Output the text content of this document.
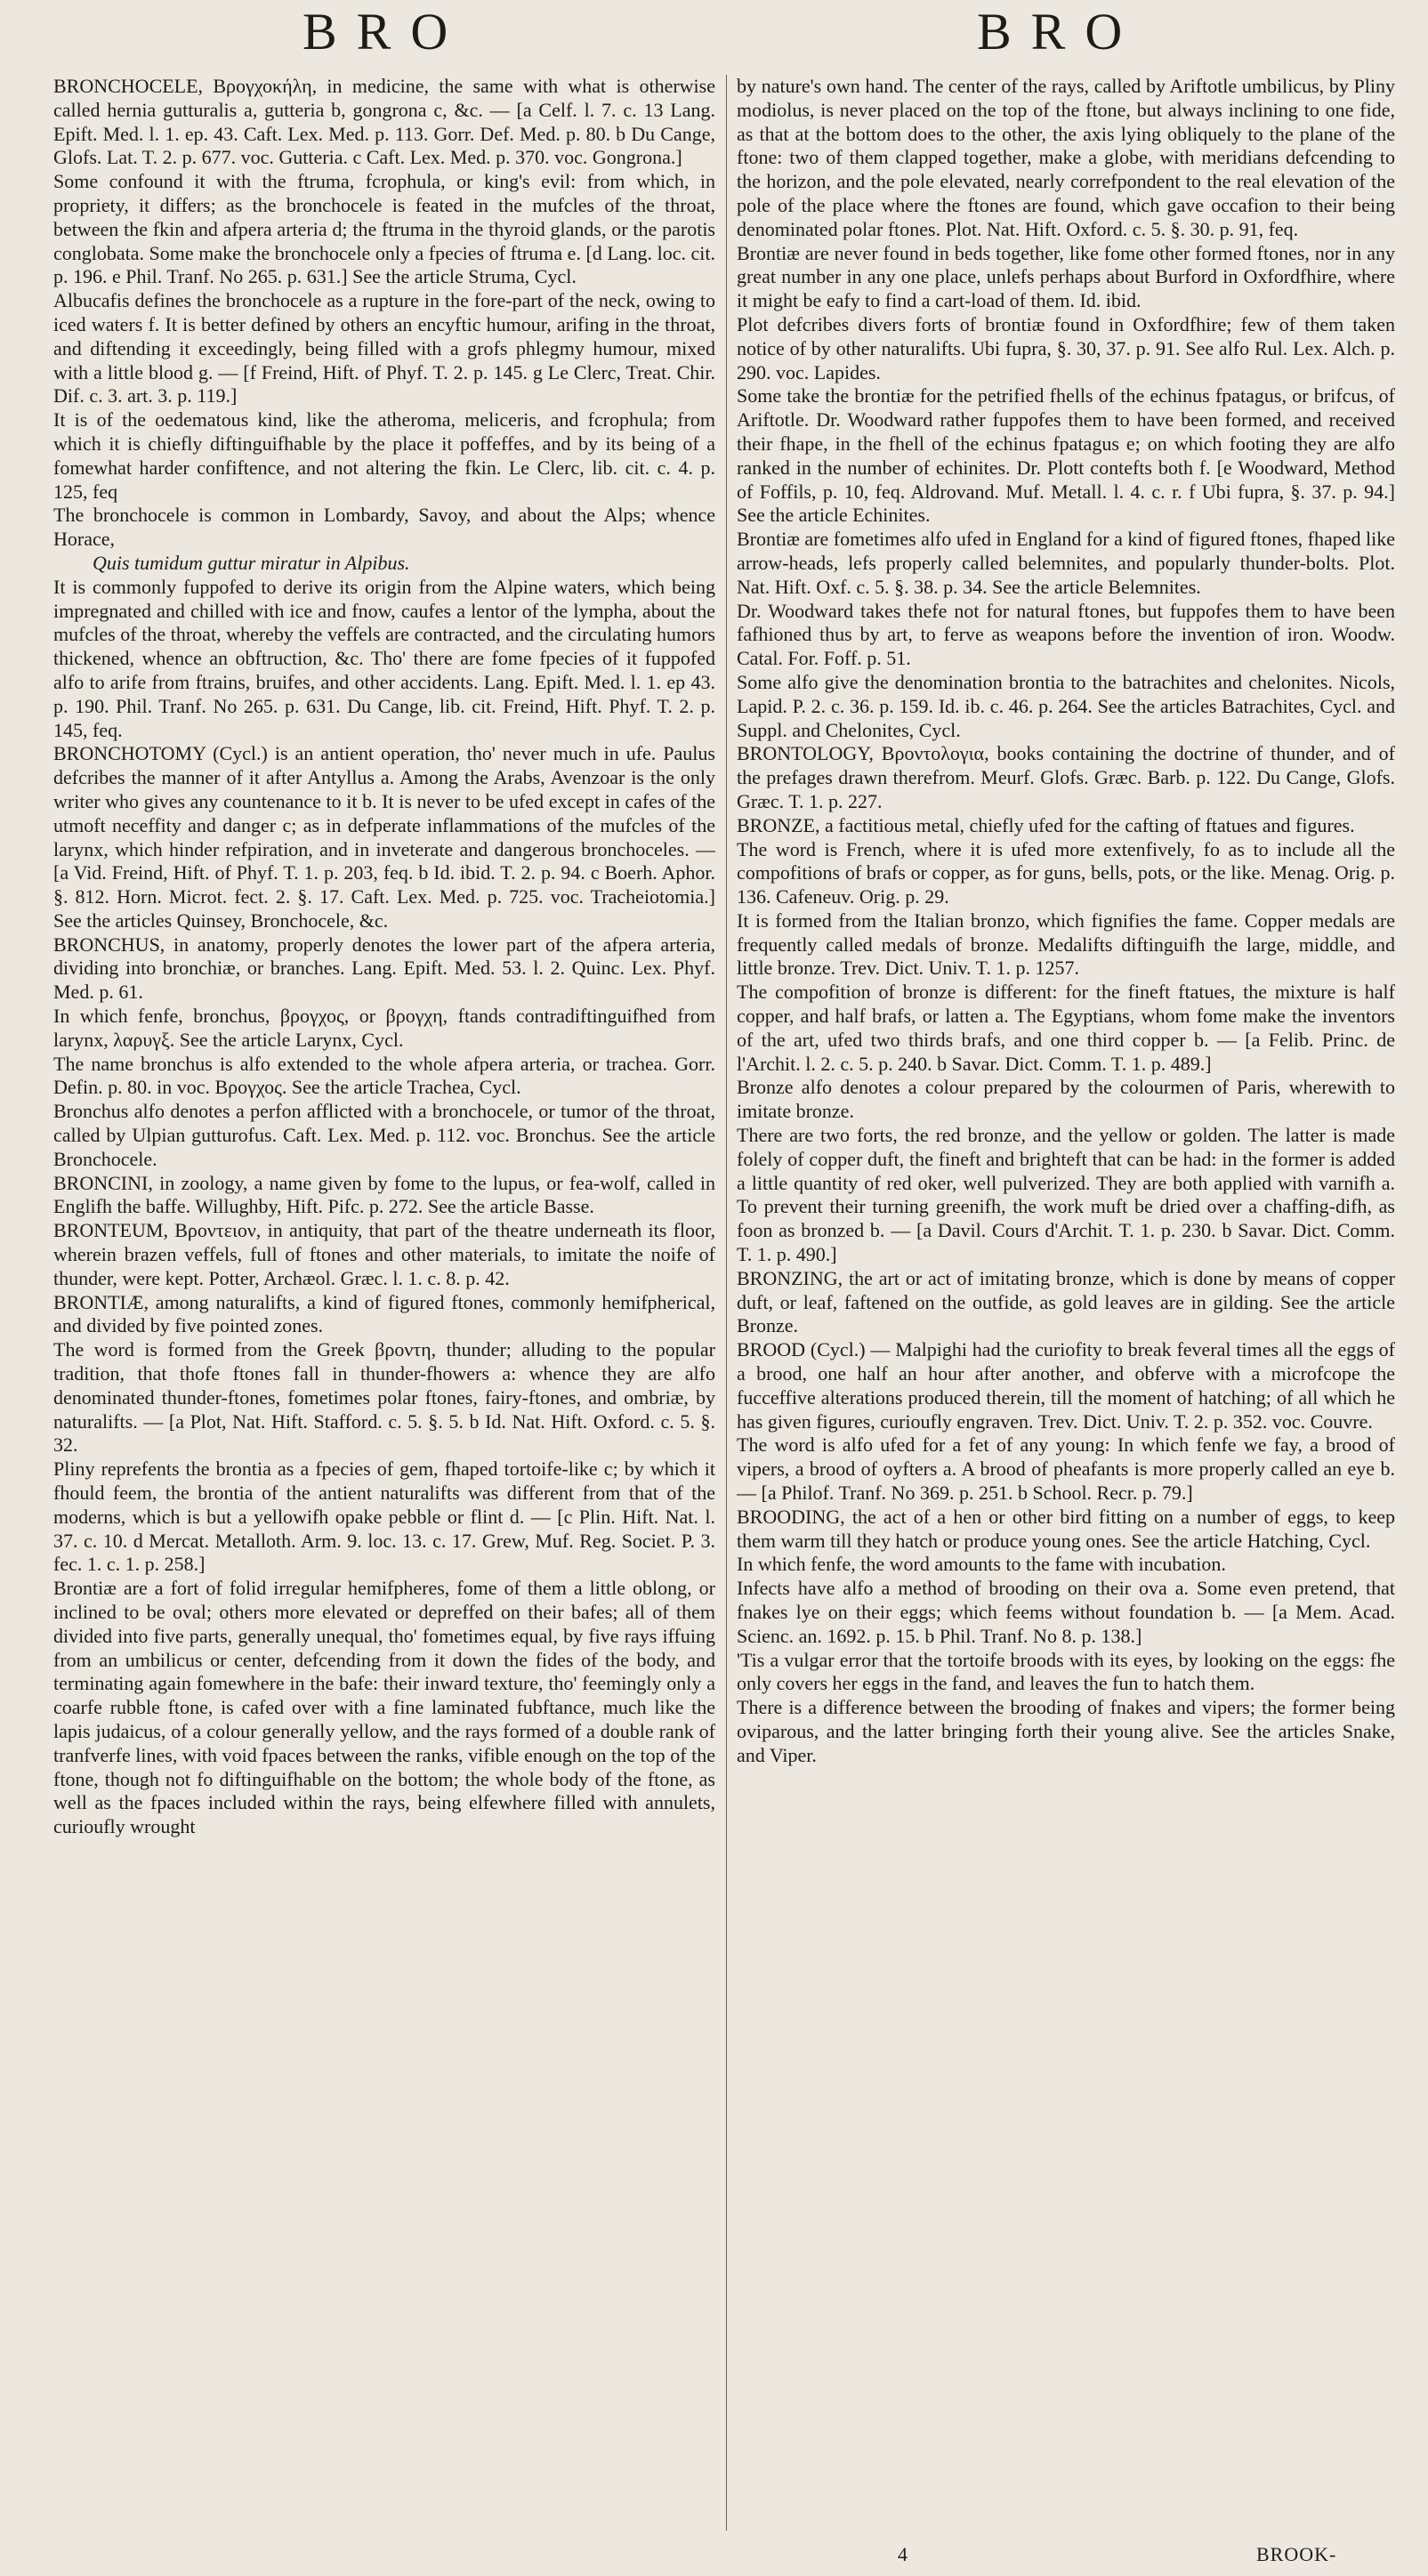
BRO	BRO

BRONCHOCELE, Βρογχοκήλη, in medicine, the same with what is otherwise called hernia gutturalis a, gutteria b, gongrona c, &c. — [a Celf. l. 7. c. 13 Lang. Epift. Med. l. 1. ep. 43. Caft. Lex. Med. p. 113. Gorr. Def. Med. p. 80. b Du Cange, Glofs. Lat. T. 2. p. 677. voc. Gutteria. c Caft. Lex. Med. p. 370. voc. Gongrona.]

Some confound it with the ftruma, fcrophula, or king's evil: from which, in propriety, it differs; as the bronchocele is feated in the mufcles of the throat, between the fkin and afpera arteria d; the ftruma in the thyroid glands, or the parotis conglobata. Some make the bronchocele only a fpecies of ftruma e. [d Lang. loc. cit. p. 196. e Phil. Tranf. No 265. p. 631.] See the article Struma, Cycl.

Albucafis defines the bronchocele as a rupture in the fore-part of the neck, owing to iced waters f. It is better defined by others an encyftic humour, arifing in the throat, and diftending it exceedingly, being filled with a grofs phlegmy humour, mixed with a little blood g. — [f Freind, Hift. of Phyf. T. 2. p. 145. g Le Clerc, Treat. Chir. Dif. c. 3. art. 3. p. 119.]

It is of the oedematous kind, like the atheroma, meliceris, and fcrophula; from which it is chiefly diftinguifhable by the place it poffeffes, and by its being of a fomewhat harder confiftence, and not altering the fkin. Le Clerc, lib. cit. c. 4. p. 125, feq

The bronchocele is common in Lombardy, Savoy, and about the Alps; whence Horace,

Quis tumidum guttur miratur in Alpibus.

It is commonly fuppofed to derive its origin from the Alpine waters, which being impregnated and chilled with ice and fnow, caufes a lentor of the lympha, about the mufcles of the throat, whereby the veffels are contracted, and the circulating humors thickened, whence an obftruction, &c. Tho' there are fome fpecies of it fuppofed alfo to arife from ftrains, bruifes, and other accidents. Lang. Epift. Med. l. 1. ep 43. p. 190. Phil. Tranf. No 265. p. 631. Du Cange, lib. cit. Freind, Hift. Phyf. T. 2. p. 145, feq.

BRONCHOTOMY (Cycl.) is an antient operation, tho' never much in ufe. Paulus defcribes the manner of it after Antyllus a. Among the Arabs, Avenzoar is the only writer who gives any countenance to it b. It is never to be ufed except in cafes of the utmoft neceffity and danger c; as in defperate inflammations of the mufcles of the larynx, which hinder refpiration, and in inveterate and dangerous bronchoceles. — [a Vid. Freind, Hift. of Phyf. T. 1. p. 203, feq. b Id. ibid. T. 2. p. 94. c Boerh. Aphor. §. 812. Horn. Microt. fect. 2. §. 17. Caft. Lex. Med. p. 725. voc. Tracheiotomia.] See the articles Quinsey, Bronchocele, &c.

BRONCHUS, in anatomy, properly denotes the lower part of the afpera arteria, dividing into bronchiæ, or branches. Lang. Epift. Med. 53. l. 2. Quinc. Lex. Phyf. Med. p. 61.

In which fenfe, bronchus, βρογχος, or βρογχη, ftands contradiftinguifhed from larynx, λαρυγξ. See the article Larynx, Cycl.

The name bronchus is alfo extended to the whole afpera arteria, or trachea. Gorr. Defin. p. 80. in voc. Βρογχος. See the article Trachea, Cycl.

Bronchus alfo denotes a perfon afflicted with a bronchocele, or tumor of the throat, called by Ulpian gutturofus. Caft. Lex. Med. p. 112. voc. Bronchus. See the article Bronchocele.

BRONCINI, in zoology, a name given by fome to the lupus, or fea-wolf, called in Englifh the baffe. Willughby, Hift. Pifc. p. 272. See the article Basse.

BRONTEUM, Βροντειον, in antiquity, that part of the theatre underneath its floor, wherein brazen veffels, full of ftones and other materials, to imitate the noife of thunder, were kept. Potter, Archæol. Græc. l. 1. c. 8. p. 42.

BRONTIÆ, among naturalifts, a kind of figured ftones, commonly hemifpherical, and divided by five pointed zones.

The word is formed from the Greek βροντη, thunder; alluding to the popular tradition, that thofe ftones fall in thunder-fhowers a: whence they are alfo denominated thunder-ftones, fometimes polar ftones, fairy-ftones, and ombriæ, by naturalifts. — [a Plot, Nat. Hift. Stafford. c. 5. §. 5. b Id. Nat. Hift. Oxford. c. 5. §. 32.

Pliny reprefents the brontia as a fpecies of gem, fhaped tortoife-like c; by which it fhould feem, the brontia of the antient naturalifts was different from that of the moderns, which is but a yellowifh opake pebble or flint d. — [c Plin. Hift. Nat. l. 37. c. 10. d Mercat. Metalloth. Arm. 9. loc. 13. c. 17. Grew, Muf. Reg. Societ. P. 3. fec. 1. c. 1. p. 258.]

Brontiæ are a fort of folid irregular hemifpheres, fome of them a little oblong, or inclined to be oval; others more elevated or depreffed on their bafes; all of them divided into five parts, generally unequal, tho' fometimes equal, by five rays iffuing from an umbilicus or center, defcending from it down the fides of the body, and terminating again fomewhere in the bafe: their inward texture, tho' feemingly only a coarfe rubble ftone, is cafed over with a fine laminated fubftance, much like the lapis judaicus, of a colour generally yellow, and the rays formed of a double rank of tranfverfe lines, with void fpaces between the ranks, vifible enough on the top of the ftone, though not fo diftinguifhable on the bottom; the whole body of the ftone, as well as the fpaces included within the rays, being elfewhere filled with annulets, curioufly wrought

by nature's own hand. The center of the rays, called by Ariftotle umbilicus, by Pliny modiolus, is never placed on the top of the ftone, but always inclining to one fide, as that at the bottom does to the other, the axis lying obliquely to the plane of the ftone: two of them clapped together, make a globe, with meridians defcending to the horizon, and the pole elevated, nearly correfpondent to the real elevation of the pole of the place where the ftones are found, which gave occafion to their being denominated polar ftones. Plot. Nat. Hift. Oxford. c. 5. §. 30. p. 91, feq.

Brontiæ are never found in beds together, like fome other formed ftones, nor in any great number in any one place, unlefs perhaps about Burford in Oxfordfhire, where it might be eafy to find a cart-load of them. Id. ibid.

Plot defcribes divers forts of brontiæ found in Oxfordfhire; few of them taken notice of by other naturalifts. Ubi fupra, §. 30, 37. p. 91. See alfo Rul. Lex. Alch. p. 290. voc. Lapides.

Some take the brontiæ for the petrified fhells of the echinus fpatagus, or brifcus, of Ariftotle. Dr. Woodward rather fuppofes them to have been formed, and received their fhape, in the fhell of the echinus fpatagus e; on which footing they are alfo ranked in the number of echinites. Dr. Plott contefts both f. [e Woodward, Method of Foffils, p. 10, feq. Aldrovand. Muf. Metall. l. 4. c. r. f Ubi fupra, §. 37. p. 94.] See the article Echinites.

Brontiæ are fometimes alfo ufed in England for a kind of figured ftones, fhaped like arrow-heads, lefs properly called belemnites, and popularly thunder-bolts. Plot. Nat. Hift. Oxf. c. 5. §. 38. p. 34. See the article Belemnites.

Dr. Woodward takes thefe not for natural ftones, but fuppofes them to have been fafhioned thus by art, to ferve as weapons before the invention of iron. Woodw. Catal. For. Foff. p. 51.

Some alfo give the denomination brontia to the batrachites and chelonites. Nicols, Lapid. P. 2. c. 36. p. 159. Id. ib. c. 46. p. 264. See the articles Batrachites, Cycl. and Suppl. and Chelonites, Cycl.

BRONTOLOGY, Βροντολογια, books containing the doctrine of thunder, and of the prefages drawn therefrom. Meurf. Glofs. Græc. Barb. p. 122. Du Cange, Glofs. Græc. T. 1. p. 227.

BRONZE, a factitious metal, chiefly ufed for the cafting of ftatues and figures.

The word is French, where it is ufed more extenfively, fo as to include all the compofitions of brafs or copper, as for guns, bells, pots, or the like. Menag. Orig. p. 136. Cafeneuv. Orig. p. 29.

It is formed from the Italian bronzo, which fignifies the fame. Copper medals are frequently called medals of bronze. Medalifts diftinguifh the large, middle, and little bronze. Trev. Dict. Univ. T. 1. p. 1257.

The compofition of bronze is different: for the fineft ftatues, the mixture is half copper, and half brafs, or latten a. The Egyptians, whom fome make the inventors of the art, ufed two thirds brafs, and one third copper b. — [a Felib. Princ. de l'Archit. l. 2. c. 5. p. 240. b Savar. Dict. Comm. T. 1. p. 489.]

Bronze alfo denotes a colour prepared by the colourmen of Paris, wherewith to imitate bronze.

There are two forts, the red bronze, and the yellow or golden. The latter is made folely of copper duft, the fineft and brighteft that can be had: in the former is added a little quantity of red oker, well pulverized. They are both applied with varnifh a. To prevent their turning greenifh, the work muft be dried over a chaffing-difh, as foon as bronzed b. — [a Davil. Cours d'Archit. T. 1. p. 230. b Savar. Dict. Comm. T. 1. p. 490.]

BRONZING, the art or act of imitating bronze, which is done by means of copper duft, or leaf, faftened on the outfide, as gold leaves are in gilding. See the article Bronze.

BROOD (Cycl.) — Malpighi had the curiofity to break feveral times all the eggs of a brood, one half an hour after another, and obferve with a microfcope the fucceffive alterations produced therein, till the moment of hatching; of all which he has given figures, curioufly engraven. Trev. Dict. Univ. T. 2. p. 352. voc. Couvre.

The word is alfo ufed for a fet of any young: In which fenfe we fay, a brood of vipers, a brood of oyfters a. A brood of pheafants is more properly called an eye b. — [a Philof. Tranf. No 369. p. 251. b School. Recr. p. 79.]

BROODING, the act of a hen or other bird fitting on a number of eggs, to keep them warm till they hatch or produce young ones. See the article Hatching, Cycl.

In which fenfe, the word amounts to the fame with incubation.

Infects have alfo a method of brooding on their ova a. Some even pretend, that fnakes lye on their eggs; which feems without foundation b. — [a Mem. Acad. Scienc. an. 1692. p. 15. b Phil. Tranf. No 8. p. 138.]

'Tis a vulgar error that the tortoife broods with its eyes, by looking on the eggs: fhe only covers her eggs in the fand, and leaves the fun to hatch them.

There is a difference between the brooding of fnakes and vipers; the former being oviparous, and the latter bringing forth their young alive. See the articles Snake, and Viper.

4	BROOK-
